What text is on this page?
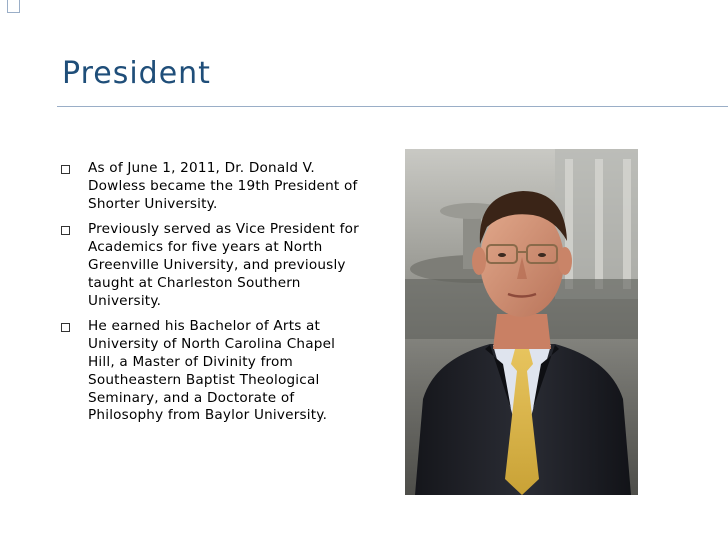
President
As of June 1, 2011, Dr. Donald V. Dowless became the 19th President of Shorter University.
Previously served as Vice President for Academics for five years at North Greenville University, and previously taught at Charleston Southern University.
He earned his Bachelor of Arts at University of North Carolina Chapel Hill, a Master of Divinity from Southeastern Baptist Theological Seminary, and a Doctorate of Philosophy from Baylor University.
